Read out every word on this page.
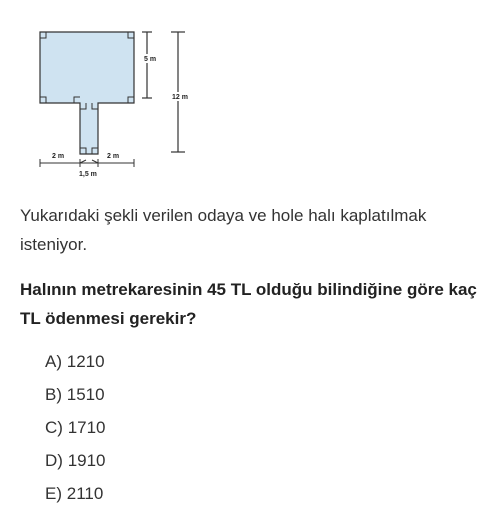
5 m
12 m
2 m	2 m
1,5 m
Yukarıdaki şekli verilen odaya ve hole halı kaplatılmak isteniyor.
Halının metrekaresinin 45 TL olduğu bilindiğine göre kaç TL ödenmesi gerekir?
A) 1210
B) 1510
C) 1710
D) 1910
E) 2110
